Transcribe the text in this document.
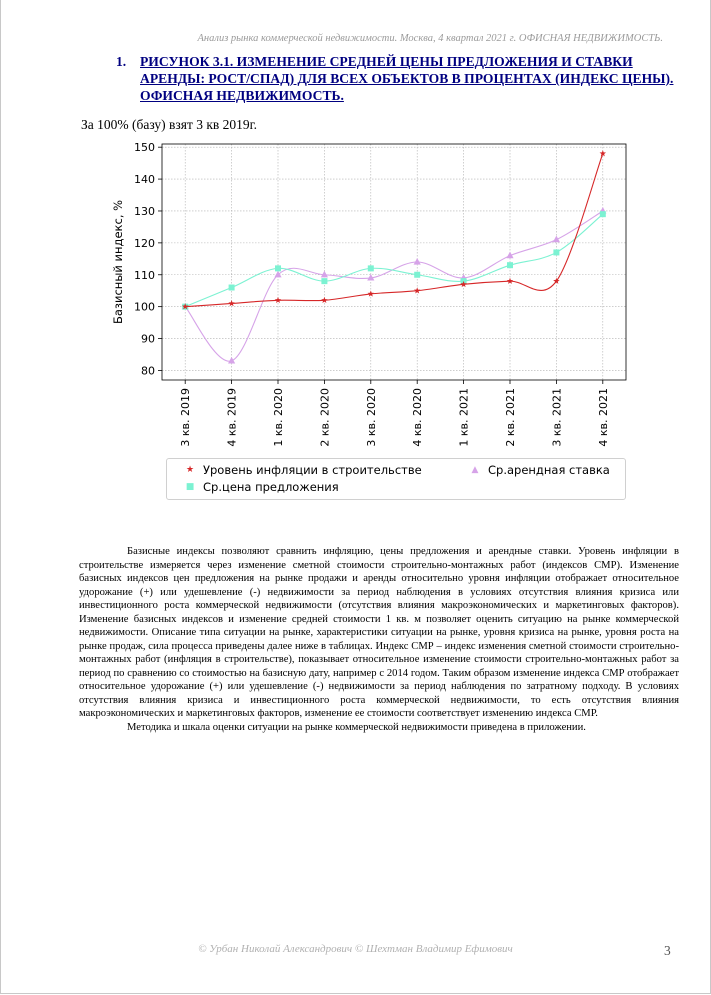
Анализ рынка коммерческой недвижимости. Москва, 4 квартал 2021 г. ОФИСНАЯ НЕДВИЖИМОСТЬ.
1.	РИСУНОК 3.1. ИЗМЕНЕНИЕ СРЕДНЕЙ ЦЕНЫ ПРЕДЛОЖЕНИЯ И СТАВКИ АРЕНДЫ: РОСТ/СПАД) ДЛЯ ВСЕХ ОБЪЕКТОВ В ПРОЦЕНТАХ (ИНДЕКС ЦЕНЫ). ОФИСНАЯ НЕДВИЖИМОСТЬ.
За 100% (базу) взят 3 кв 2019г.
80
90
100
110
120
130
140
150
3 кв. 2019	4 кв. 2019	1 кв. 2020	2 кв. 2020	3 кв. 2020	4 кв. 2020	1 кв. 2021	2 кв. 2021	3 кв. 2021	4 кв. 2021
Базисный индекс, %
★ Уровень инфляции в строительстве	▲ Ср.арендная ставка
■ Ср.цена предложения

Базисные индексы позволяют сравнить инфляцию, цены предложения и арендные ставки. Уровень инфляции в строительстве измеряется через изменение сметной стоимости строительно-монтажных работ (индексов СМР). Изменение базисных индексов цен предложения на рынке продажи и аренды относительно уровня инфляции отображает относительное удорожание (+) или удешевление (-) недвижимости за период наблюдения в условиях отсутствия влияния кризиса или инвестиционного роста коммерческой недвижимости (отсутствия влияния макроэкономических и маркетинговых факторов). Изменение базисных индексов и изменение средней стоимости 1 кв. м позволяет оценить ситуацию на рынке коммерческой недвижимости. Описание типа ситуации на рынке, характеристики ситуации на рынке, уровня кризиса на рынке, уровня роста на рынке продаж, сила процесса приведены далее ниже в таблицах. Индекс СМР – индекс изменения сметной стоимости строительно-монтажных работ (инфляция в строительстве), показывает относительное изменение стоимости строительно-монтажных работ за период по сравнению со стоимостью на базисную дату, например с 2014 годом. Таким образом изменение индекса СМР отображает относительное удорожание (+) или удешевление (-) недвижимости за период наблюдения по затратному подходу. В условиях отсутствия влияния кризиса и инвестиционного роста коммерческой недвижимости, то есть отсутствия влияния макроэкономических и маркетинговых факторов, изменение ее стоимости соответствует изменению индекса СМР.

Методика и шкала оценки ситуации на рынке коммерческой недвижимости приведена в приложении.

© Урбан Николай Александрович © Шехтман Владимир Ефимович	3
